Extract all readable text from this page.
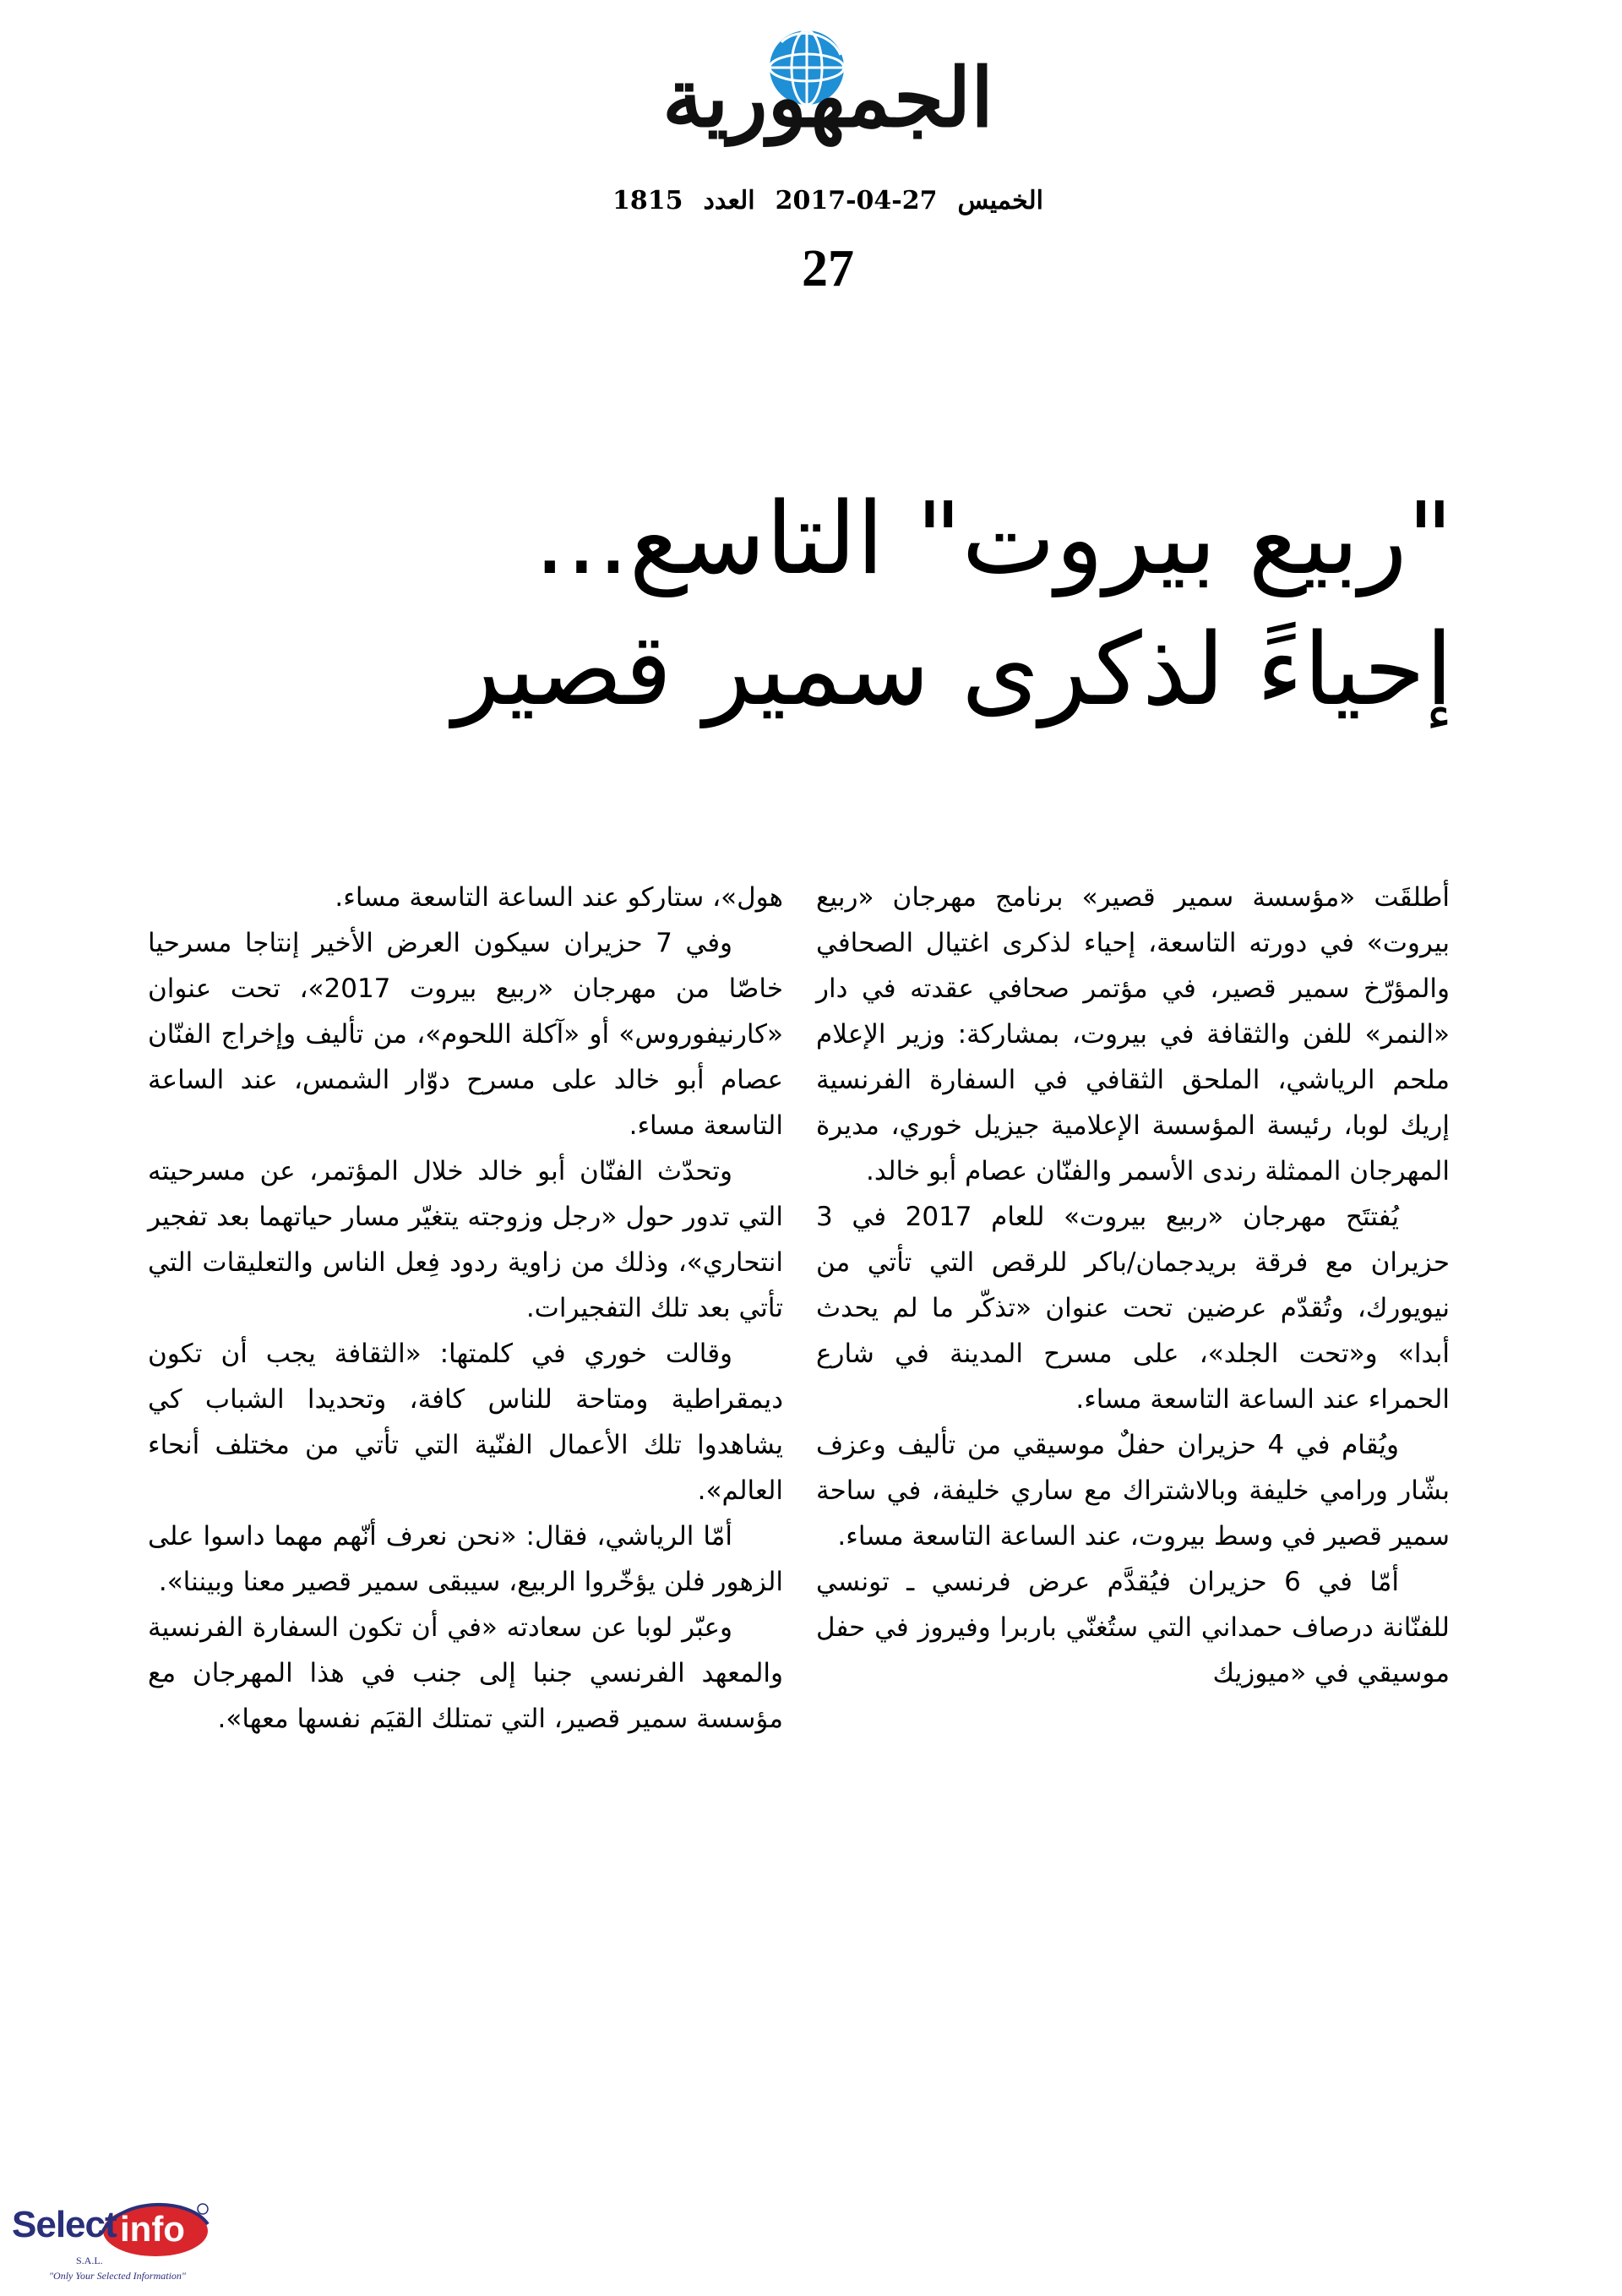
الجمهورية
الخميس27-04-2017العدد1815
27
"ربيع بيروت" التاسع...
إحياءً لذكرى سمير قصير

أطلقَت «مؤسسة سمير قصير» برنامج مهرجان «ربيع بيروت» في دورته التاسعة، إحياء لذكرى اغتيال الصحافي والمؤرّخ سمير قصير، في مؤتمر صحافي عقدته في دار «النمر» للفن والثقافة في بيروت، بمشاركة: وزير الإعلام ملحم الرياشي، الملحق الثقافي في السفارة الفرنسية إريك لوبا، رئيسة المؤسسة الإعلامية جيزيل خوري، مديرة المهرجان الممثلة رندى الأسمر والفنّان عصام أبو خالد.

يُفتتَح مهرجان «ربيع بيروت» للعام 2017 في 3 حزيران مع فرقة بريدجمان/باكر للرقص التي تأتي من نيويورك، وتُقدّم عرضين تحت عنوان «تذكّر ما لم يحدث أبدا» و«تحت الجلد»، على مسرح المدينة في شارع الحمراء عند الساعة التاسعة مساء.

ويُقام في 4 حزيران حفلٌ موسيقي من تأليف وعزف بشّار ورامي خليفة وبالاشتراك مع ساري خليفة، في ساحة سمير قصير في وسط بيروت، عند الساعة التاسعة مساء.

أمّا في 6 حزيران فيُقدَّم عرض فرنسي ـ تونسي للفنّانة درصاف حمداني التي ستُغنّي باربرا وفيروز في حفل موسيقي في «ميوزيك

هول»، ستاركو عند الساعة التاسعة مساء.

وفي 7 حزيران سيكون العرض الأخير إنتاجا مسرحيا خاصّا من مهرجان «ربيع بيروت 2017»، تحت عنوان «كارنيفوروس» أو «آكلة اللحوم»، من تأليف وإخراج الفنّان عصام أبو خالد على مسرح دوّار الشمس، عند الساعة التاسعة مساء.

وتحدّث الفنّان أبو خالد خلال المؤتمر، عن مسرحيته التي تدور حول «رجل وزوجته يتغيّر مسار حياتهما بعد تفجير انتحاري»، وذلك من زاوية ردود فِعل الناس والتعليقات التي تأتي بعد تلك التفجيرات.

وقالت خوري في كلمتها: «الثقافة يجب أن تكون ديمقراطية ومتاحة للناس كافة، وتحديدا الشباب كي يشاهدوا تلك الأعمال الفنّية التي تأتي من مختلف أنحاء العالم».

أمّا الرياشي، فقال: «نحن نعرف أنّهم مهما داسوا على الزهور فلن يؤخّروا الربيع، سيبقى سمير قصير معنا وبيننا».

وعبّر لوبا عن سعادته «في أن تكون السفارة الفرنسية والمعهد الفرنسي جنبا إلى جنب في هذا المهرجان مع مؤسسة سمير قصير، التي تمتلك القيَم نفسها معها».

Select info
S.A.L.
"Only Your Selected Information"
